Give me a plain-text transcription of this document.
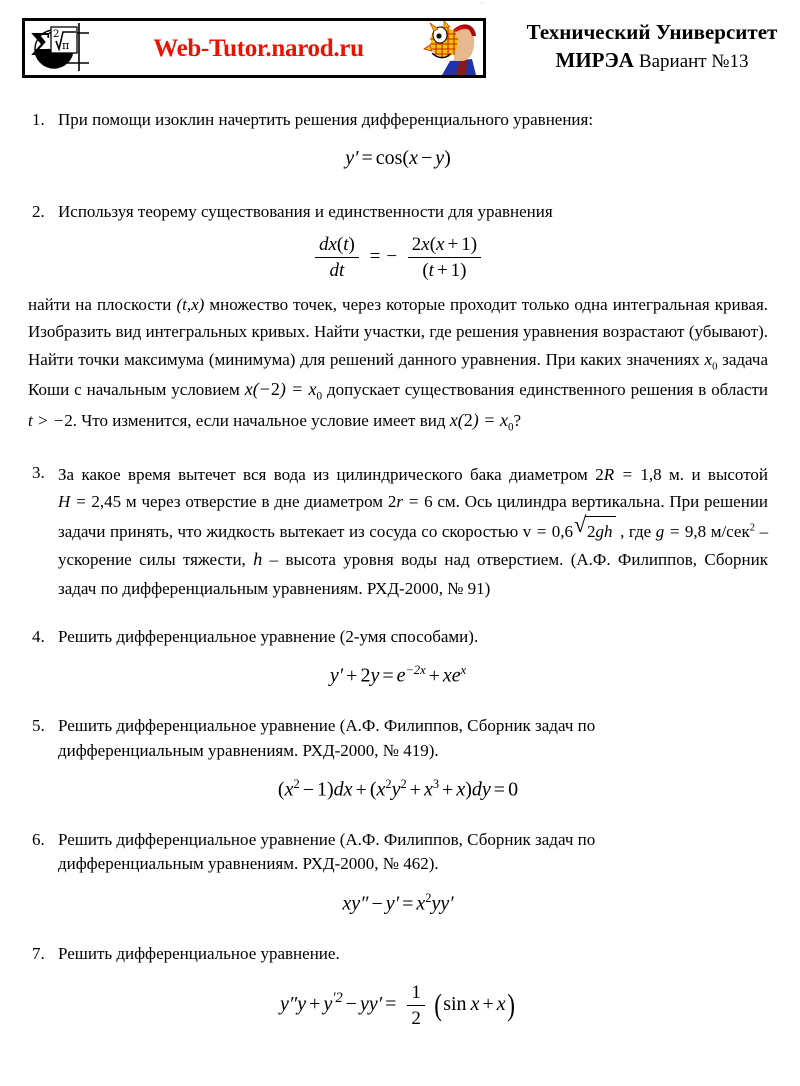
''
Σ 2
π	Web-Tutor.narod.ru
Технический Университет
МИРЭА Вариант №13
1. При помощи изоклин начертить решения дифференциального уравнения:
y′ = cos(x − y)
2. Используя теорему существования и единственности для уравнения
$\frac{dx(t)}{dt}$ = − $\frac{2x(x + 1)}{(t + 1)}$
найти на плоскости (t,x) множество точек, через которые проходит только одна интегральная кривая. Изобразить вид интегральных кривых. Найти участки, где решения уравнения возрастают (убывают). Найти точки максимума (минимума) для решений данного уравнения. При каких значениях $x_0$ задача Коши с начальным условием $x(-2) = x_0$ допускает существования единственного решения в области t > −2. Что изменится, если начальное условие имеет вид $x(2) = x_0$?
3. За какое время вытечет вся вода из цилиндрического бака диаметром 2R = 1,8 м. и высотой H = 2,45 м через отверстие в дне диаметром 2r = 6 см. Ось цилиндра вертикальна. При решении задачи принять, что жидкость вытекает из сосуда со скоростью v = 0,6 √ 2gh , где g = 9,8 м/сек$^2$ – ускорение силы тяжести, h – высота уровня воды над отверстием. (А.Ф. Филиппов, Сборник задач по дифференциальным уравнениям. РХД-2000, № 91)
4. Решить дифференциальное уравнение (2-умя способами).
$y' + 2y = e^{-2x} + xe^x$
5. Решить дифференциальное уравнение (А.Ф. Филиппов, Сборник задач по дифференциальным уравнениям. РХД-2000, № 419).
$(x^2 - 1)dx + (x^2y^2 + x^3 + x)dy = 0$
6. Решить дифференциальное уравнение (А.Ф. Филиппов, Сборник задач по дифференциальным уравнениям. РХД-2000, № 462).
$xy'' - y' = x^2yy'$
7. Решить дифференциальное уравнение.
$y''y + y^{'2} - yy' = \frac{1}{2} (\sin$  x + x)
